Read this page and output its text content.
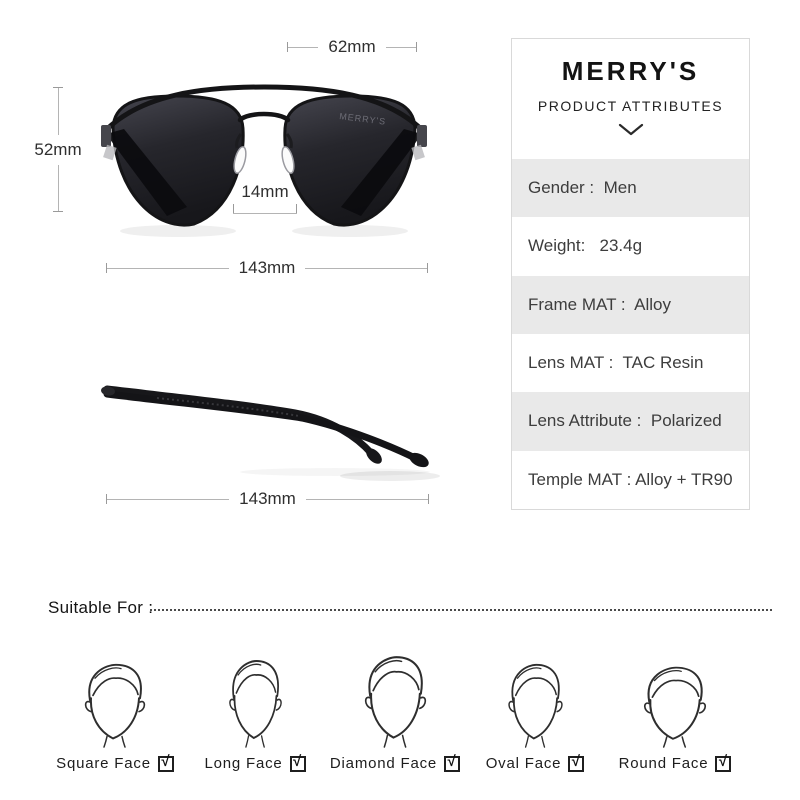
MERRY'S
62mm
52mm
14mm
143mm
143mm
MERRY'S
PRODUCT ATTRIBUTES
Gender :  Men
Weight:   23.4g
Frame MAT :  Alloy
Lens MAT :  TAC Resin
Lens Attribute :  Polarized
Temple MAT : Alloy + TR90
Suitable For :
Square Face √ Long Face √ Diamond Face √ Oval Face √	Round Face √
